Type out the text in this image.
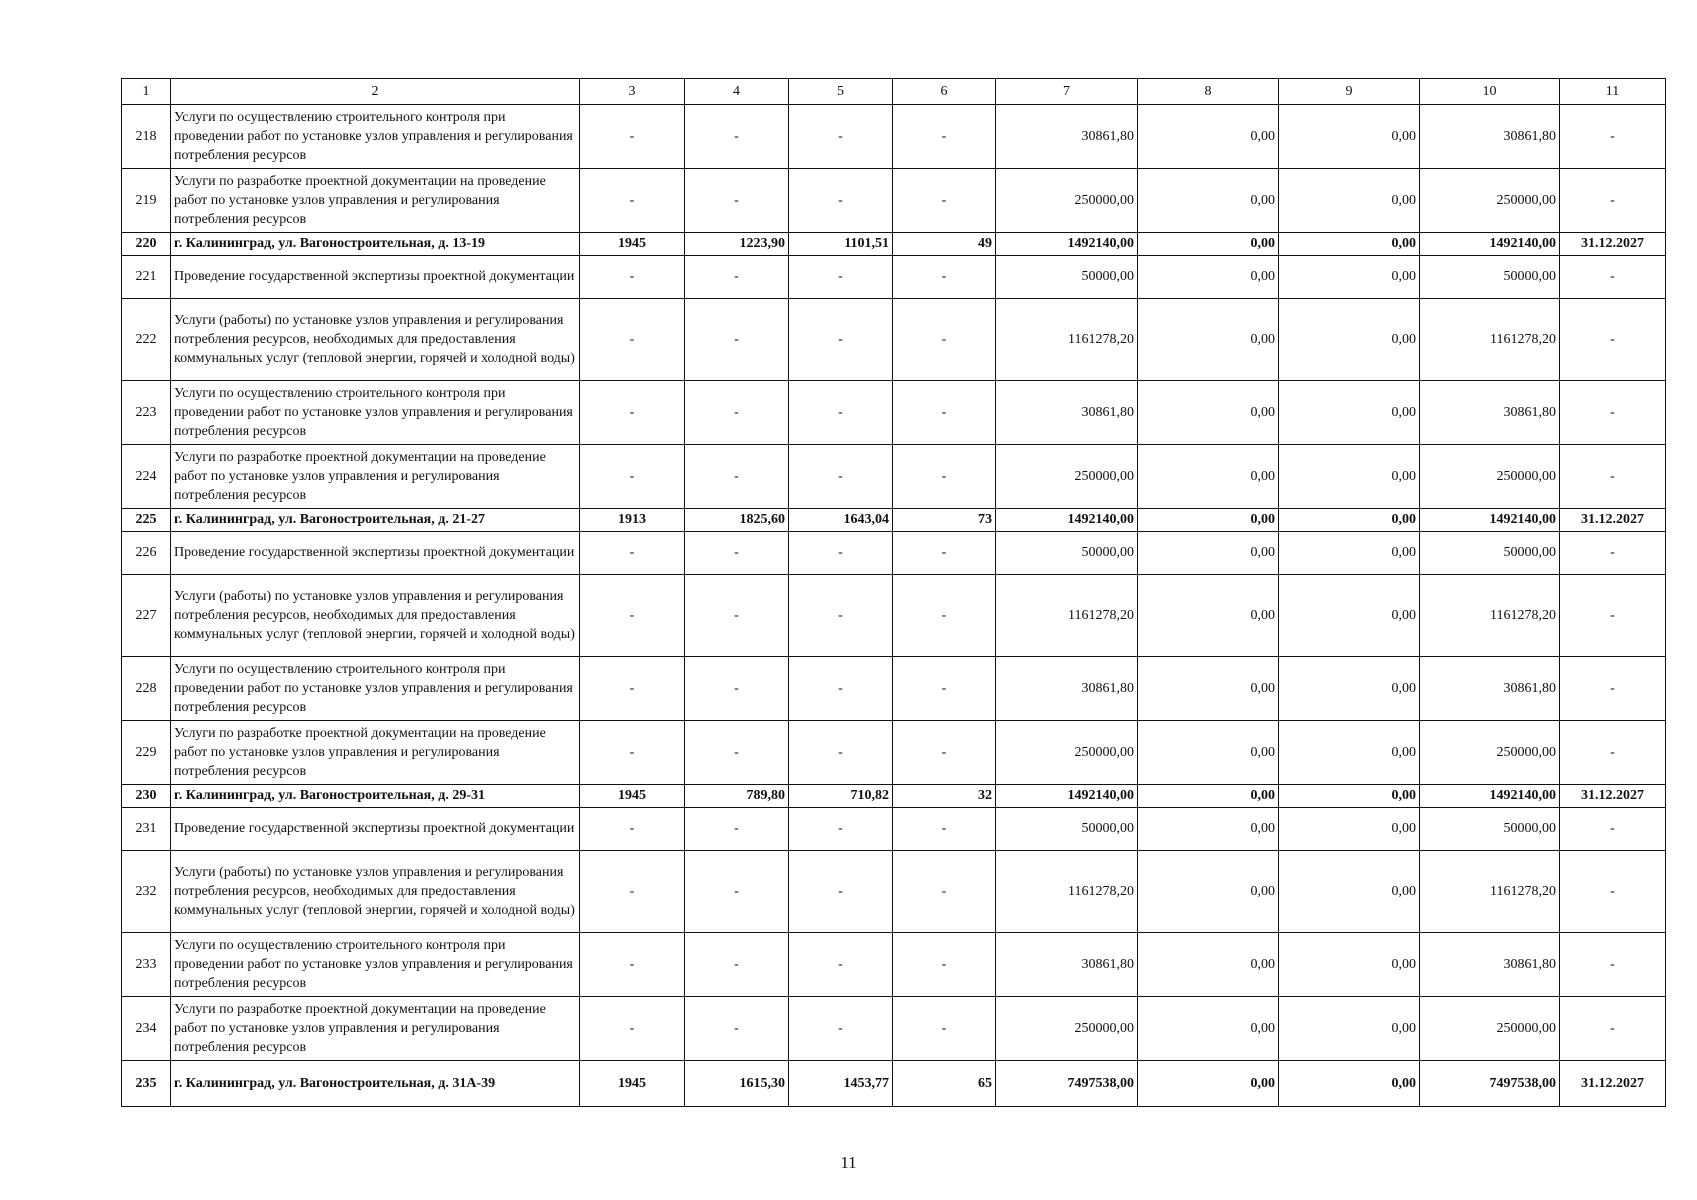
1	2	3	4	5	6	7	8	9	10	11
218	Услуги по осуществлению строительного контроля при проведении работ по установке узлов управления и регулирования потребления ресурсов	-	-	-	-	30861,80	0,00	0,00	30861,80	-
219	Услуги по разработке проектной документации на проведение работ по установке узлов управления и регулирования потребления ресурсов	-	-	-	-	250000,00	0,00	0,00	250000,00	-
220	г. Калининград, ул. Вагоностроительная, д. 13-19	1945	1223,90	1101,51	49	1492140,00	0,00	0,00	1492140,00	31.12.2027
221	Проведение государственной экспертизы проектной документации	-	-	-	-	50000,00	0,00	0,00	50000,00	-
222	Услуги (работы) по установке узлов управления и регулирования потребления ресурсов, необходимых для предоставления коммунальных услуг (тепловой энергии, горячей и холодной воды)	-	-	-	-	1161278,20	0,00	0,00	1161278,20	-
223	Услуги по осуществлению строительного контроля при проведении работ по установке узлов управления и регулирования потребления ресурсов	-	-	-	-	30861,80	0,00	0,00	30861,80	-
224	Услуги по разработке проектной документации на проведение работ по установке узлов управления и регулирования потребления ресурсов	-	-	-	-	250000,00	0,00	0,00	250000,00	-
225	г. Калининград, ул. Вагоностроительная, д. 21-27	1913	1825,60	1643,04	73	1492140,00	0,00	0,00	1492140,00	31.12.2027
226	Проведение государственной экспертизы проектной документации	-	-	-	-	50000,00	0,00	0,00	50000,00	-
227	Услуги (работы) по установке узлов управления и регулирования потребления ресурсов, необходимых для предоставления коммунальных услуг (тепловой энергии, горячей и холодной воды)	-	-	-	-	1161278,20	0,00	0,00	1161278,20	-
228	Услуги по осуществлению строительного контроля при проведении работ по установке узлов управления и регулирования потребления ресурсов	-	-	-	-	30861,80	0,00	0,00	30861,80	-
229	Услуги по разработке проектной документации на проведение работ по установке узлов управления и регулирования потребления ресурсов	-	-	-	-	250000,00	0,00	0,00	250000,00	-
230	г. Калининград, ул. Вагоностроительная, д. 29-31	1945	789,80	710,82	32	1492140,00	0,00	0,00	1492140,00	31.12.2027
231	Проведение государственной экспертизы проектной документации	-	-	-	-	50000,00	0,00	0,00	50000,00	-
232	Услуги (работы) по установке узлов управления и регулирования потребления ресурсов, необходимых для предоставления коммунальных услуг (тепловой энергии, горячей и холодной воды)	-	-	-	-	1161278,20	0,00	0,00	1161278,20	-
233	Услуги по осуществлению строительного контроля при проведении работ по установке узлов управления и регулирования потребления ресурсов	-	-	-	-	30861,80	0,00	0,00	30861,80	-
234	Услуги по разработке проектной документации на проведение работ по установке узлов управления и регулирования потребления ресурсов	-	-	-	-	250000,00	0,00	0,00	250000,00	-
235	г. Калининград, ул. Вагоностроительная, д. 31А-39	1945	1615,30	1453,77	65	7497538,00	0,00	0,00	7497538,00	31.12.2027
11
